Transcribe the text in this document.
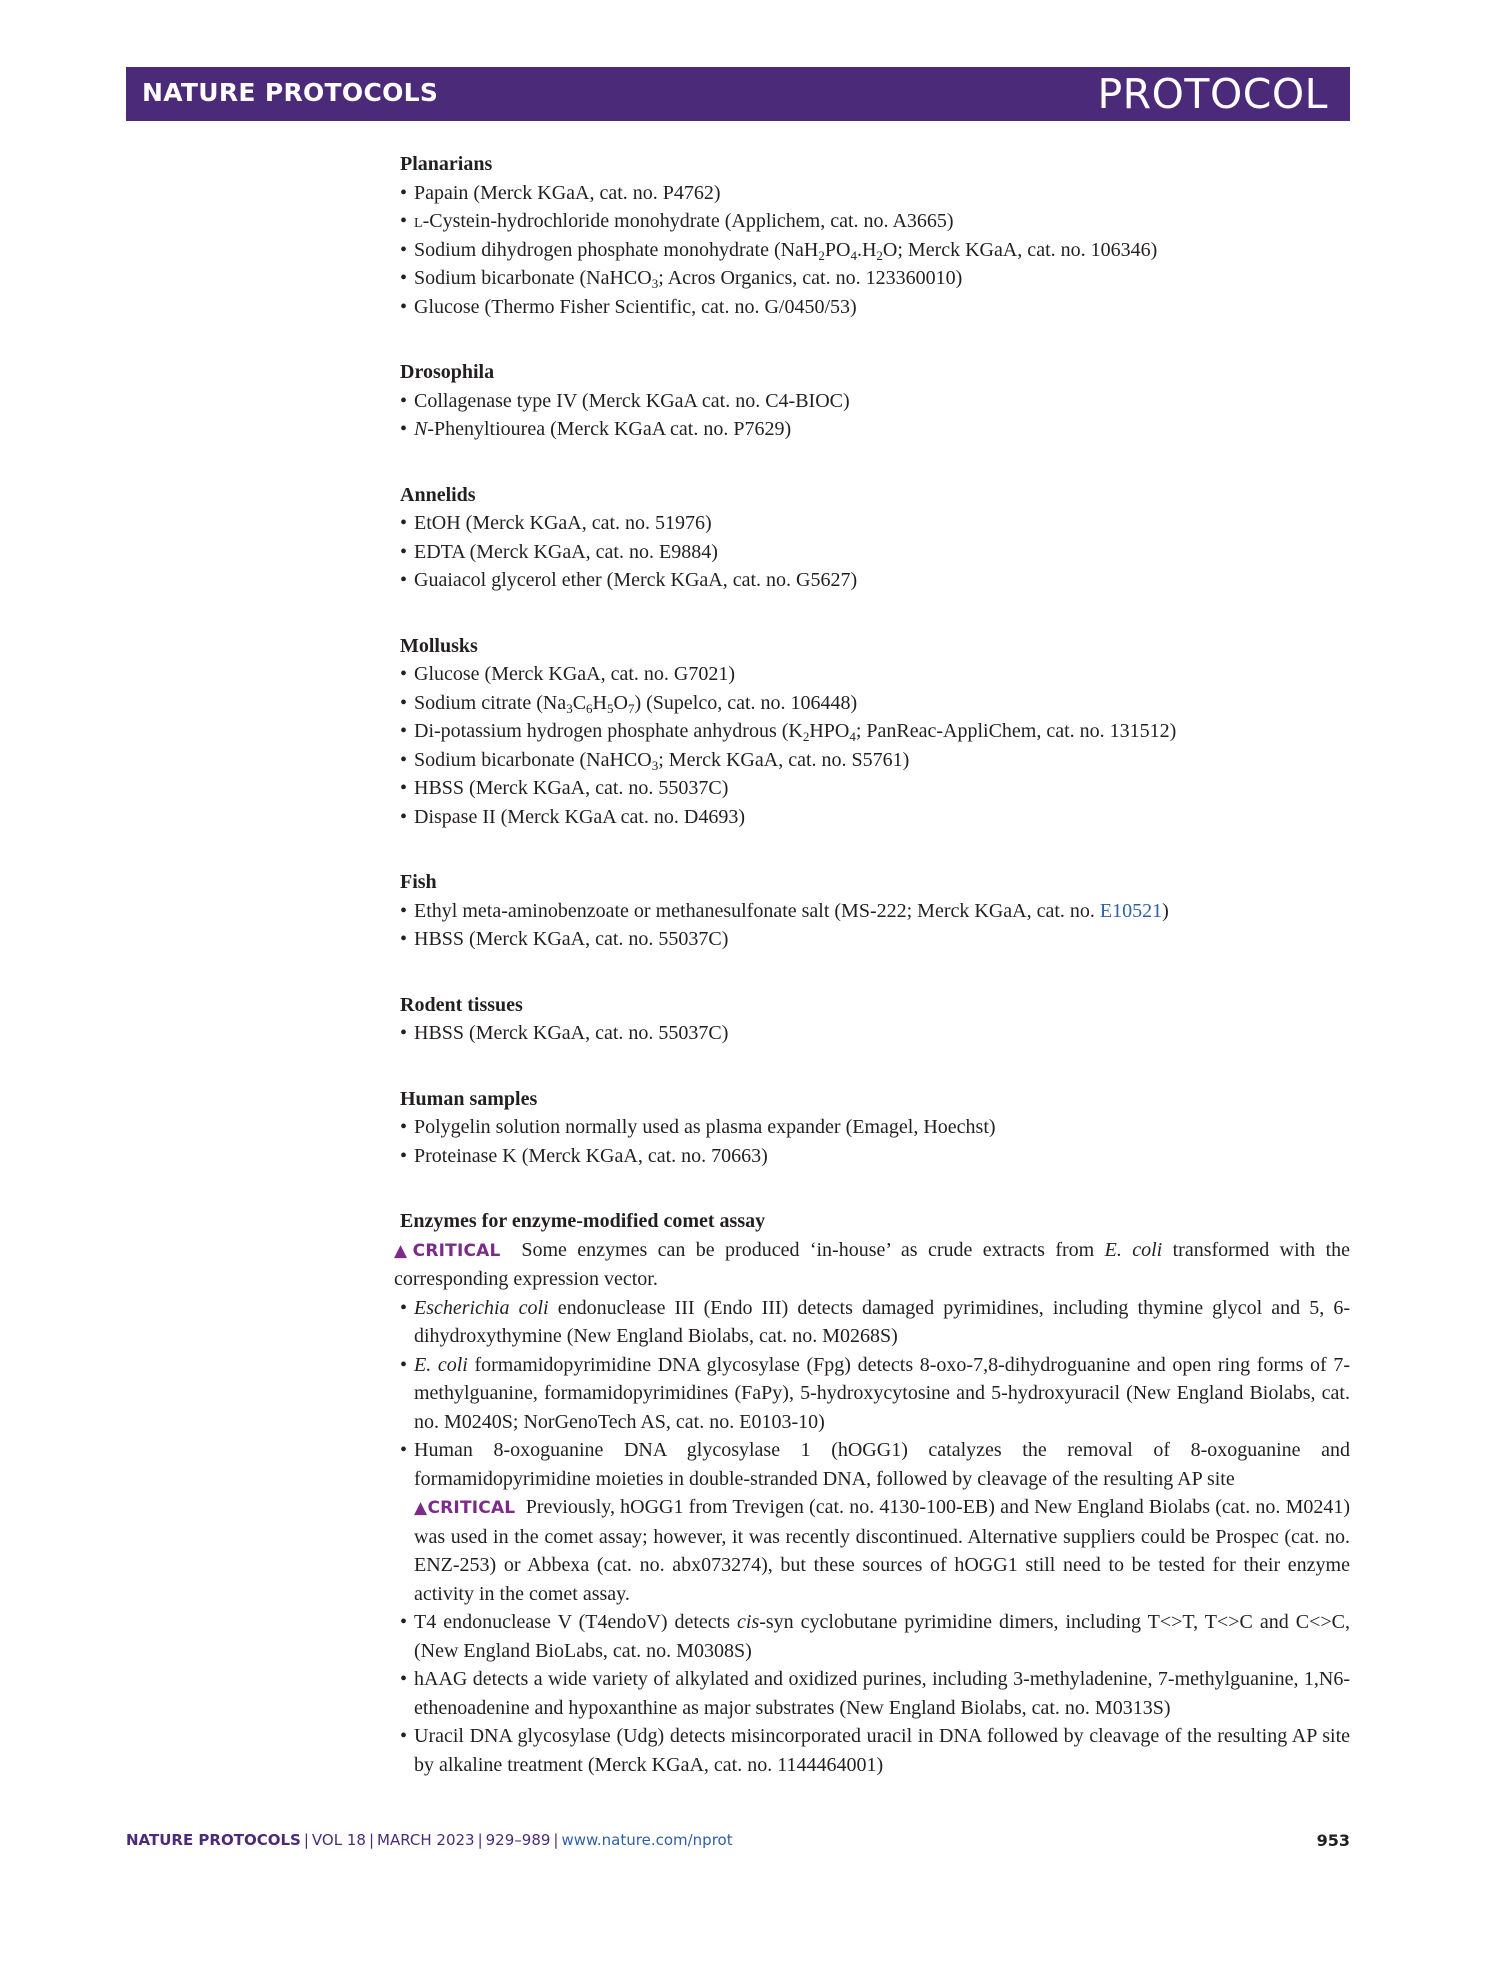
NATURE PROTOCOLS	PROTOCOL
Planarians
• Papain (Merck KGaA, cat. no. P4762)
• l-Cystein-hydrochloride monohydrate (Applichem, cat. no. A3665)
• Sodium dihydrogen phosphate monohydrate ($NaH_2PO_4.H_2O$; Merck KGaA, cat. no. 106346)
• Sodium bicarbonate (NaHCO$_3$; Acros Organics, cat. no. 123360010)
• Glucose (Thermo Fisher Scientific, cat. no. G/0450/53)
Drosophila
• Collagenase type IV (Merck KGaA cat. no. C4-BIOC)
• N-Phenyltiourea (Merck KGaA cat. no. P7629)
Annelids
• EtOH (Merck KGaA, cat. no. 51976)
• EDTA (Merck KGaA, cat. no. E9884)
• Guaiacol glycerol ether (Merck KGaA, cat. no. G5627)
Mollusks
• Glucose (Merck KGaA, cat. no. G7021)
• Sodium citrate $(Na_3C_6H_5O_7)$ (Supelco, cat. no. 106448)
• Di-potassium hydrogen phosphate anhydrous ($K_2HPO_4$; PanReac-AppliChem, cat. no. 131512)
• Sodium bicarbonate (NaHCO$_3$; Merck KGaA, cat. no. S5761)
• HBSS (Merck KGaA, cat. no. 55037C)
• Dispase II (Merck KGaA cat. no. D4693)
Fish
• Ethyl meta-aminobenzoate or methanesulfonate salt (MS-222; Merck KGaA, cat. no. E10521)
• HBSS (Merck KGaA, cat. no. 55037C)
Rodent tissues
• HBSS (Merck KGaA, cat. no. 55037C)
Human samples
• Polygelin solution normally used as plasma expander (Emagel, Hoechst)
• Proteinase K (Merck KGaA, cat. no. 70663)
Enzymes for enzyme-modified comet assay
▲CRITICAL Some enzymes can be produced ‘in-house’ as crude extracts from E. coli transformed with the corresponding expression vector.
• Escherichia coli endonuclease III (Endo III) detects damaged pyrimidines, including thymine glycol and 5, 6-dihydroxythymine (New England Biolabs, cat. no. M0268S)
• E. coli formamidopyrimidine DNA glycosylase (Fpg) detects 8-oxo-7,8-dihydroguanine and open ring forms of 7-methylguanine, formamidopyrimidines (FaPy), 5-hydroxycytosine and 5-hydroxyuracil (New England Biolabs, cat. no. M0240S; NorGenoTech AS, cat. no. E0103-10)
• Human 8-oxoguanine DNA glycosylase 1 (hOGG1) catalyzes the removal of 8-oxoguanine and formamidopyrimidine moieties in double-stranded DNA, followed by cleavage of the resulting AP site
▲CRITICAL Previously, hOGG1 from Trevigen (cat. no. 4130-100-EB) and New England Biolabs (cat. no. M0241) was used in the comet assay; however, it was recently discontinued. Alternative suppliers could be Prospec (cat. no. ENZ-253) or Abbexa (cat. no. abx073274), but these sources of hOGG1 still need to be tested for their enzyme activity in the comet assay.
• T4 endonuclease V (T4endoV) detects cis-syn cyclobutane pyrimidine dimers, including T<>T, T<>C and C<>C, (New England BioLabs, cat. no. M0308S)
• hAAG detects a wide variety of alkylated and oxidized purines, including 3-methyladenine, 7-methylguanine, 1,N6-ethenoadenine and hypoxanthine as major substrates (New England Biolabs, cat. no. M0313S)
• Uracil DNA glycosylase (Udg) detects misincorporated uracil in DNA followed by cleavage of the resulting AP site by alkaline treatment (Merck KGaA, cat. no. 1144464001)
NATURE PROTOCOLS | VOL 18 | MARCH 2023 | 929–989 | www.nature.com/nprot	953
